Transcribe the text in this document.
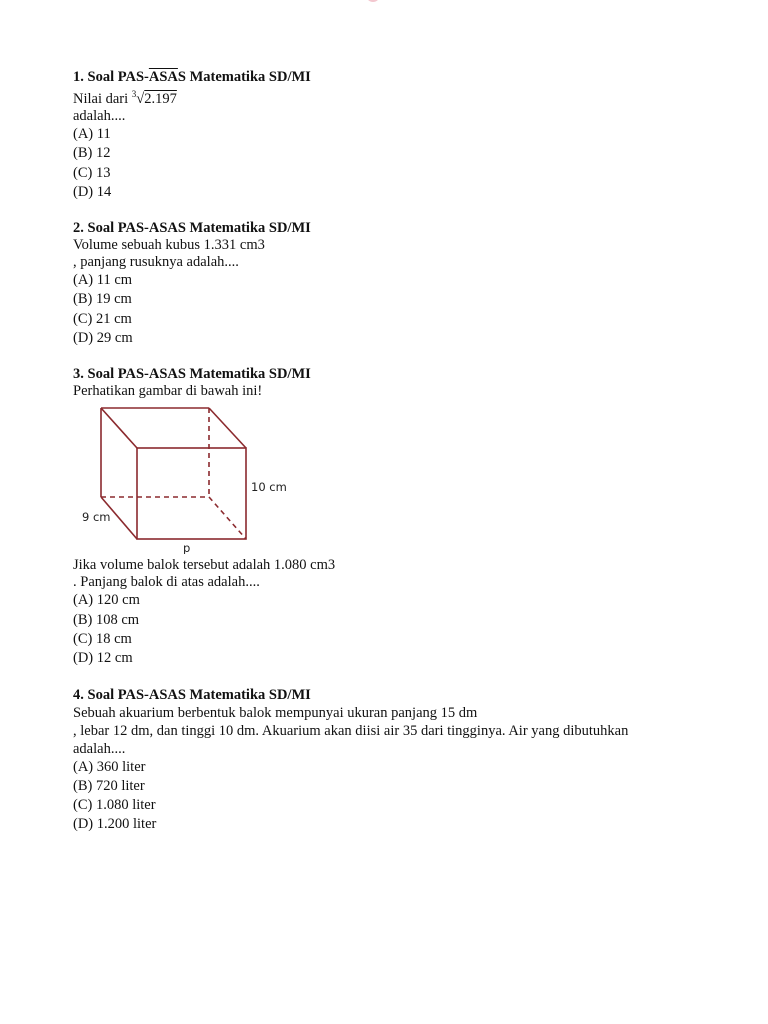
1. Soal PAS-$\overline{ASA}S$ Matematika SD/MI
Nilai dari $^3$√2.197
adalah....
(A) 11
(B) 12
(C) 13
(D) 14
2. Soal PAS-ASAS Matematika SD/MI
Volume sebuah kubus 1.331 cm3
, panjang rusuknya adalah....
(A) 11 cm
(B) 19 cm
(C) 21 cm
(D) 29 cm
3. Soal PAS-ASAS Matematika SD/MI
Perhatikan gambar di bawah ini!
10 cm
9 cm
p
Jika volume balok tersebut adalah 1.080 cm3
. Panjang balok di atas adalah....
(A) 120 cm
(B) 108 cm
(C) 18 cm
(D) 12 cm
4. Soal PAS-ASAS Matematika SD/MI
Sebuah akuarium berbentuk balok mempunyai ukuran panjang 15 dm
, lebar 12 dm, dan tinggi 10 dm. Akuarium akan diisi air 35 dari tingginya. Air yang dibutuhkan
adalah....
(A) 360 liter
(B) 720 liter
(C) 1.080 liter
(D) 1.200 liter
